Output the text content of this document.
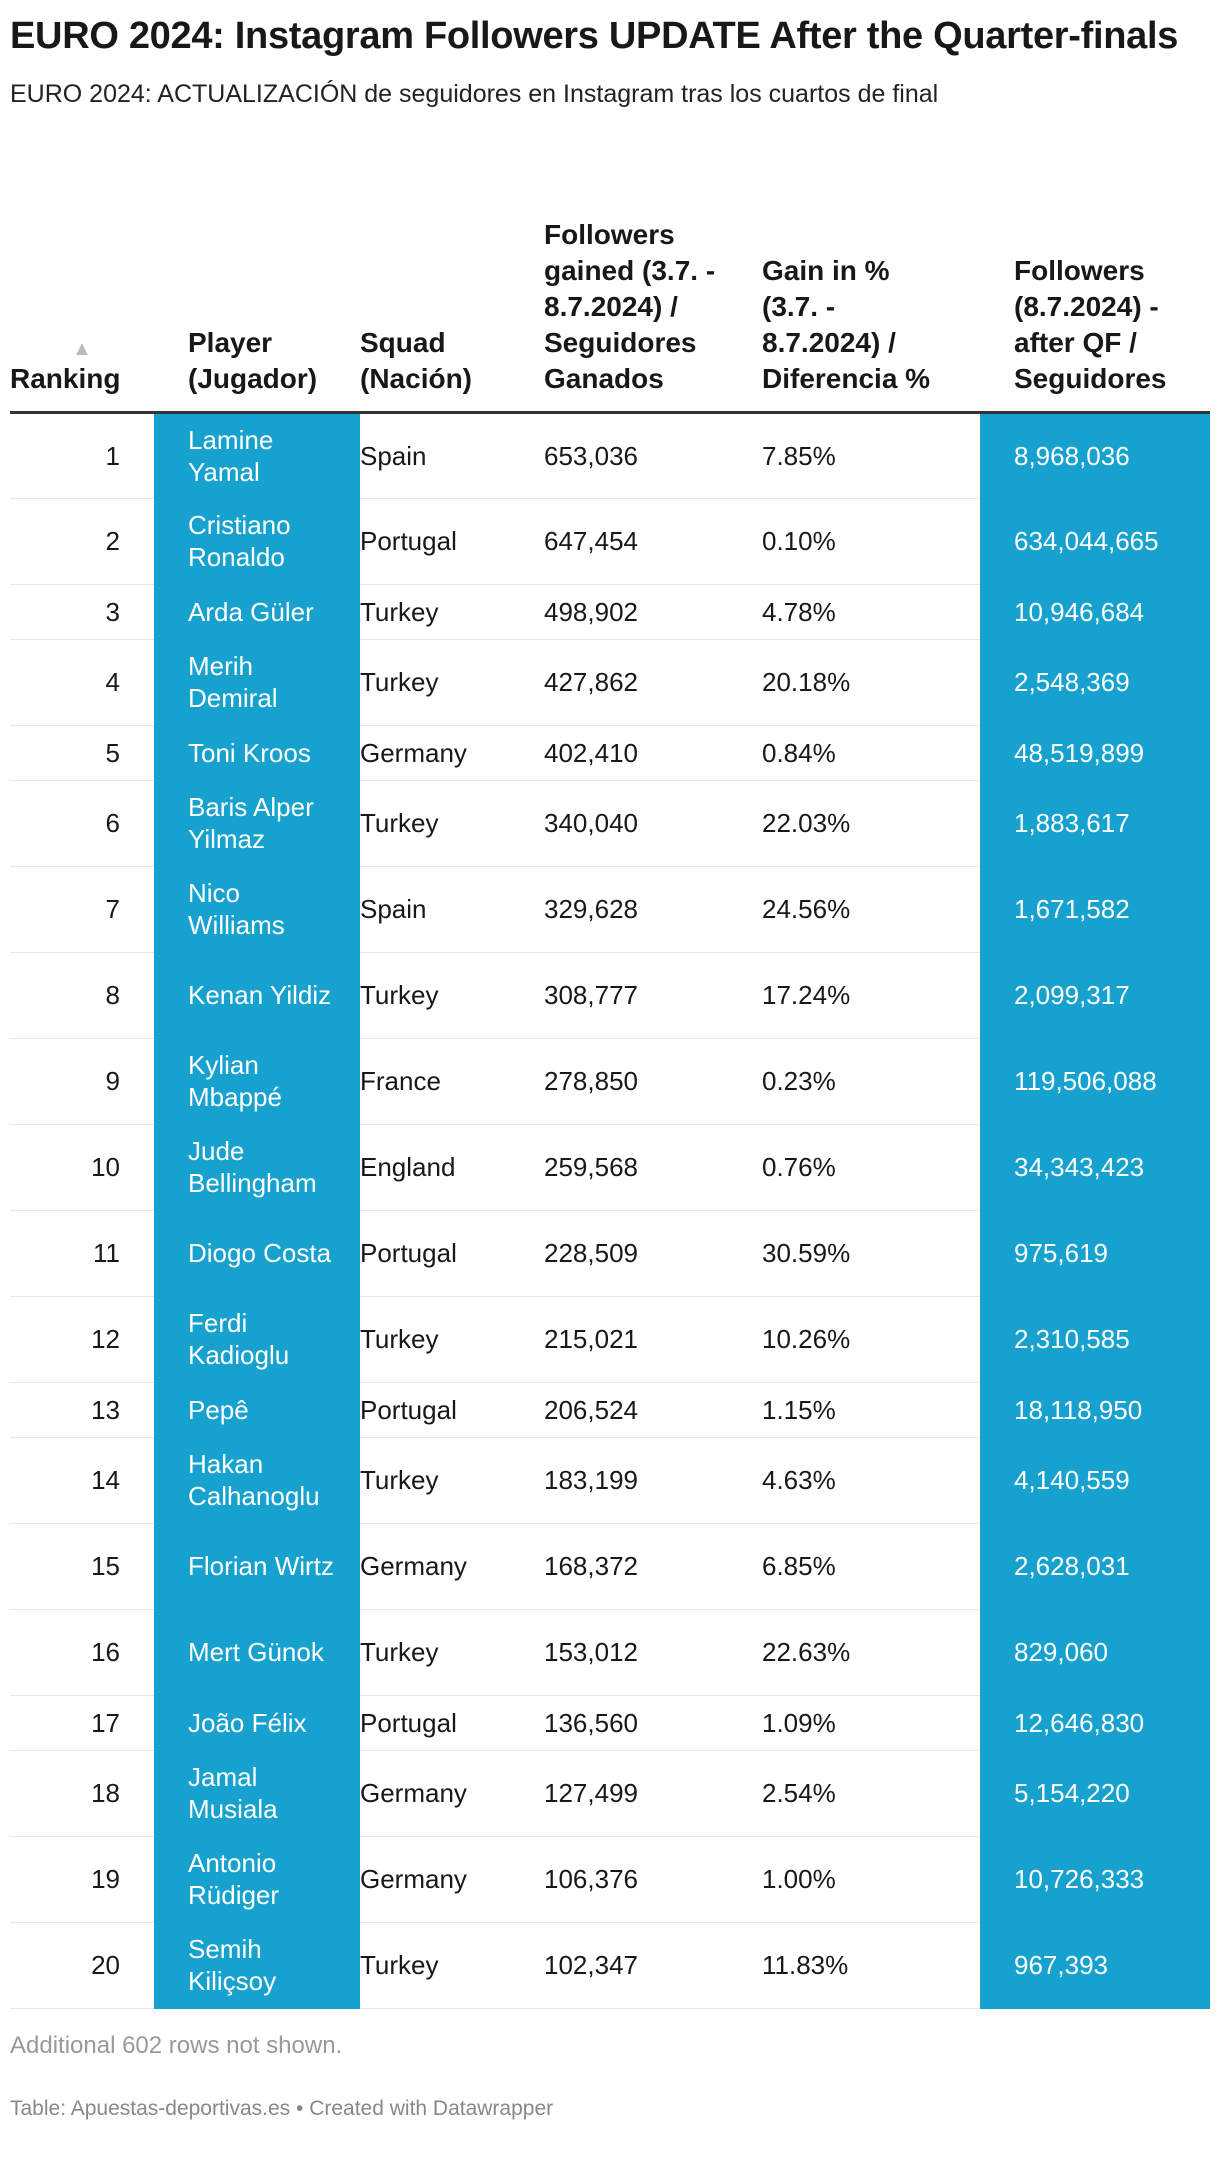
EURO 2024: Instagram Followers UPDATE After the Quarter-finals

EURO 2024: ACTUALIZACIÓN de seguidores en Instagram tras los cuartos de final

▲
Ranking	Player (Jugador)	Squad (Nación)	Followers gained (3.7. - 8.7.2024) / Seguidores Ganados	Gain in % (3.7. - 8.7.2024) / Diferencia %	Followers (8.7.2024) - after QF / Seguidores
1	Lamine Yamal	Spain	653,036	7.85%	8,968,036
2	Cristiano Ronaldo	Portugal	647,454	0.10%	634,044,665
3	Arda Güler	Turkey	498,902	4.78%	10,946,684
4	Merih Demiral	Turkey	427,862	20.18%	2,548,369
5	Toni Kroos	Germany	402,410	0.84%	48,519,899
6	Baris Alper Yilmaz	Turkey	340,040	22.03%	1,883,617
7	Nico Williams	Spain	329,628	24.56%	1,671,582
8	Kenan Yildiz	Turkey	308,777	17.24%	2,099,317
9	Kylian Mbappé	France	278,850	0.23%	119,506,088
10	Jude Bellingham	England	259,568	0.76%	34,343,423
11	Diogo Costa	Portugal	228,509	30.59%	975,619
12	Ferdi Kadioglu	Turkey	215,021	10.26%	2,310,585
13	Pepê	Portugal	206,524	1.15%	18,118,950
14	Hakan Calhanoglu	Turkey	183,199	4.63%	4,140,559
15	Florian Wirtz	Germany	168,372	6.85%	2,628,031
16	Mert Günok	Turkey	153,012	22.63%	829,060
17	João Félix	Portugal	136,560	1.09%	12,646,830
18	Jamal Musiala	Germany	127,499	2.54%	5,154,220
19	Antonio Rüdiger	Germany	106,376	1.00%	10,726,333
20	Semih Kiliçsoy	Turkey	102,347	11.83%	967,393

Additional 602 rows not shown.

Table: Apuestas-deportivas.es • Created with Datawrapper
